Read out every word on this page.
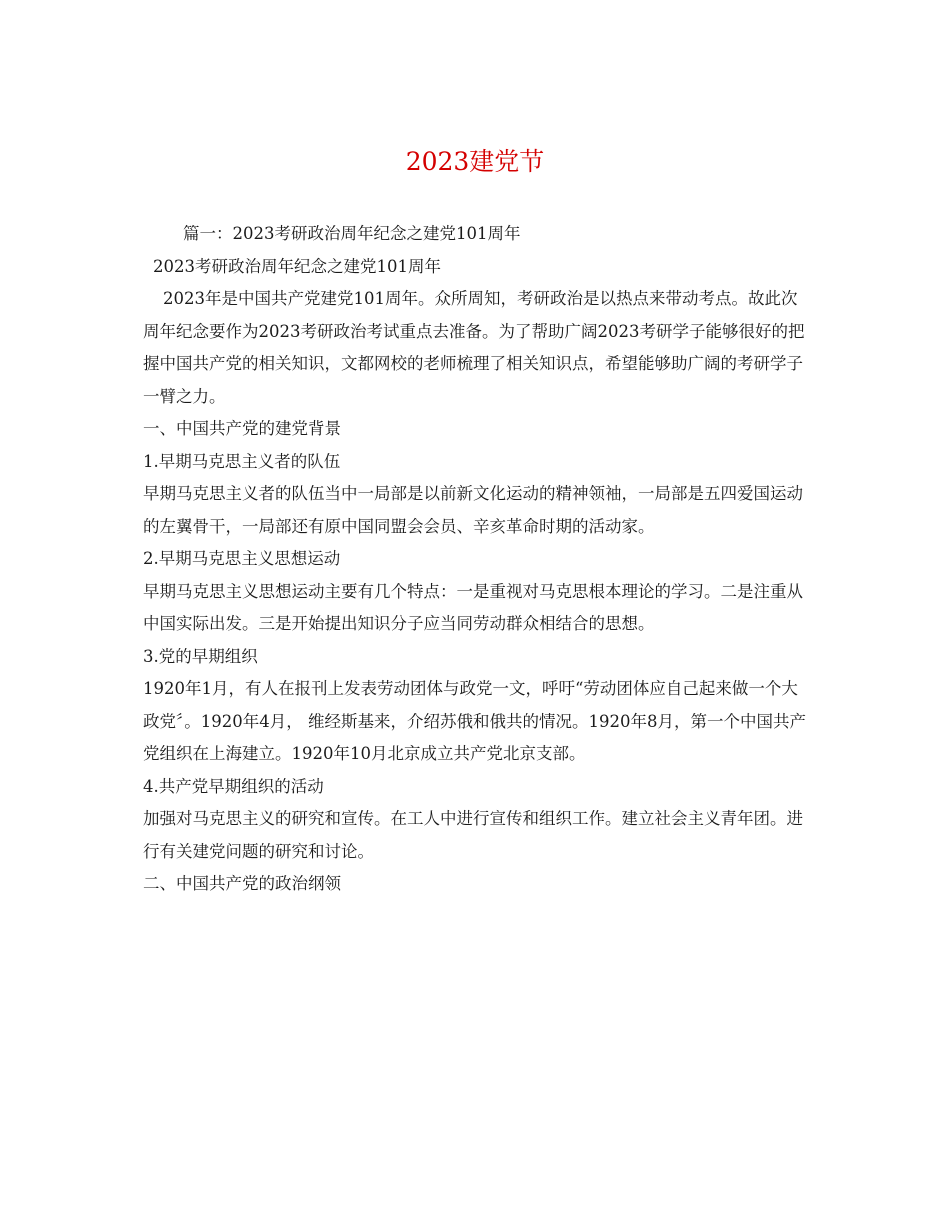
2023建党节

篇一：2023考研政治周年纪念之建党101周年

2023考研政治周年纪念之建党101周年

2023年是中国共产党建党101周年。众所周知，考研政治是以热点来带动考点。故此次周年纪念要作为2023考研政治考试重点去准备。为了帮助广阔2023考研学子能够很好的把握中国共产党的相关知识，文都网校的老师梳理了相关知识点，希望能够助广阔的考研学子一臂之力。

一、中国共产党的建党背景

1.早期马克思主义者的队伍

早期马克思主义者的队伍当中一局部是以前新文化运动的精神领袖，一局部是五四爱国运动的左翼骨干，一局部还有原中国同盟会会员、辛亥革命时期的活动家。

2.早期马克思主义思想运动

早期马克思主义思想运动主要有几个特点：一是重视对马克思根本理论的学习。二是注重从中国实际出发。三是开始提出知识分子应当同劳动群众相结合的思想。

3.党的早期组织

1920年1月，有人在报刊上发表劳动团体与政党一文，呼吁“劳动团体应自己起来做一个大政党〞。1920年4月， 维经斯基来，介绍苏俄和俄共的情况。1920年8月，第一个中国共产党组织在上海建立。1920年10月北京成立共产党北京支部。

4.共产党早期组织的活动

加强对马克思主义的研究和宣传。在工人中进行宣传和组织工作。建立社会主义青年团。进行有关建党问题的研究和讨论。

二、中国共产党的政治纲领
